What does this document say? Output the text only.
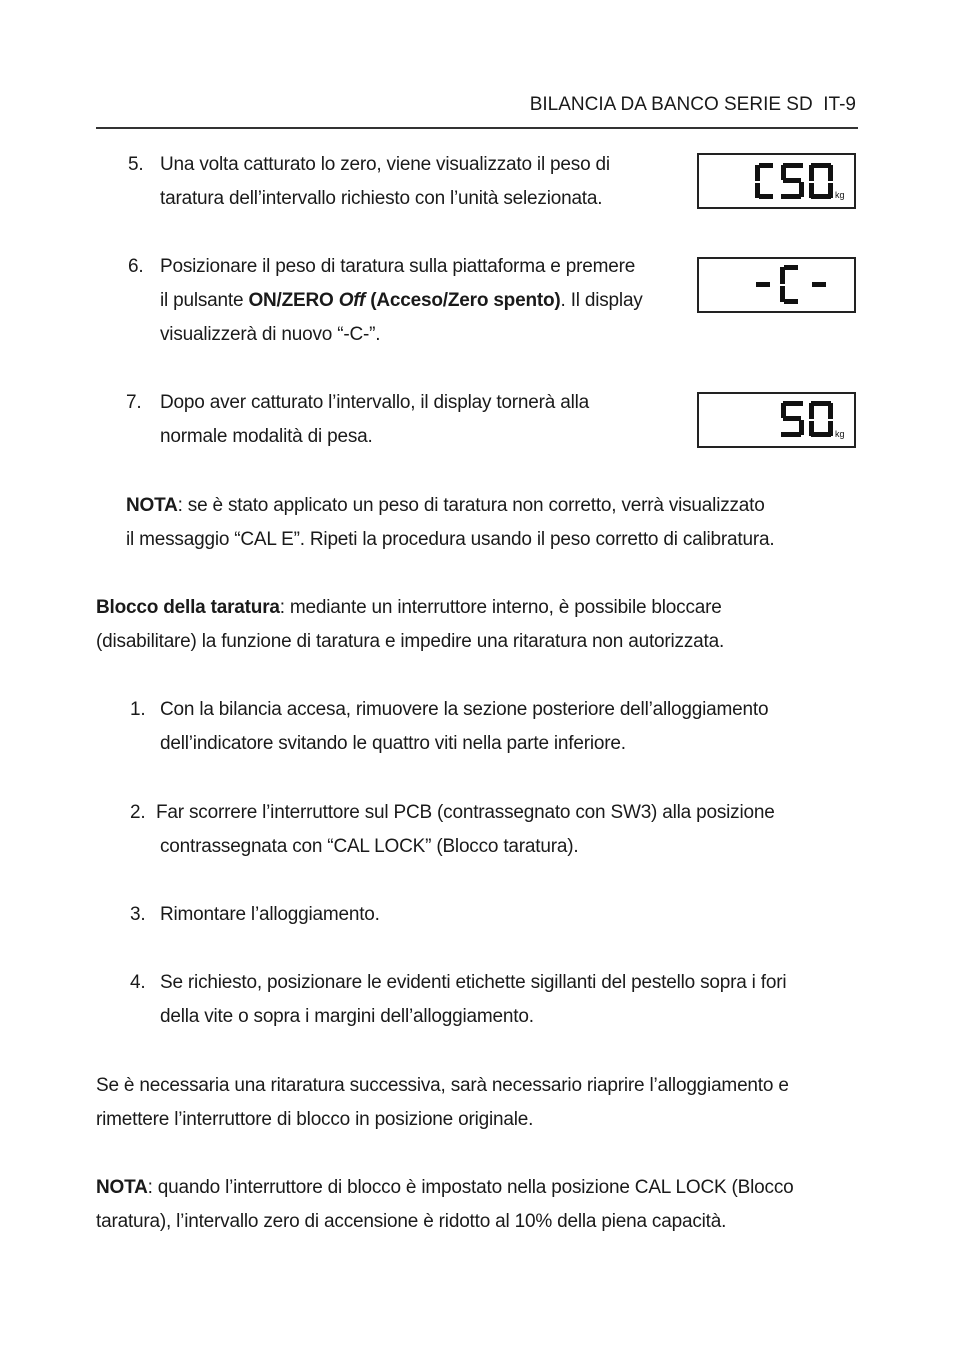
BILANCIA DA BANCO SERIE SD IT-9
5. Una volta catturato lo zero, viene visualizzato il peso di
taratura dell’intervallo richiesto con l’unità selezionata.
6. Posizionare il peso di taratura sulla piattaforma e premere
il pulsante ON/ZERO Off (Acceso/Zero spento). Il display
visualizzerà di nuovo “-C-”.
7. Dopo aver catturato l’intervallo, il display tornerà alla
normale modalità di pesa.
kg
kg
NOTA: se è stato applicato un peso di taratura non corretto, verrà visualizzato
il messaggio “CAL E”. Ripeti la procedura usando il peso corretto di calibratura.
Blocco della taratura: mediante un interruttore interno, è possibile bloccare
(disabilitare) la funzione di taratura e impedire una ritaratura non autorizzata.
1. Con la bilancia accesa, rimuovere la sezione posteriore dell’alloggiamento
dell’indicatore svitando le quattro viti nella parte inferiore.
2. Far scorrere l’interruttore sul PCB (contrassegnato con SW3) alla posizione
contrassegnata con “CAL LOCK” (Blocco taratura).
3. Rimontare l’alloggiamento.
4. Se richiesto, posizionare le evidenti etichette sigillanti del pestello sopra i fori
della vite o sopra i margini dell’alloggiamento.
Se è necessaria una ritaratura successiva, sarà necessario riaprire l’alloggiamento e
rimettere l’interruttore di blocco in posizione originale.
NOTA: quando l’interruttore di blocco è impostato nella posizione CAL LOCK (Blocco
taratura), l’intervallo zero di accensione è ridotto al 10% della piena capacità.
